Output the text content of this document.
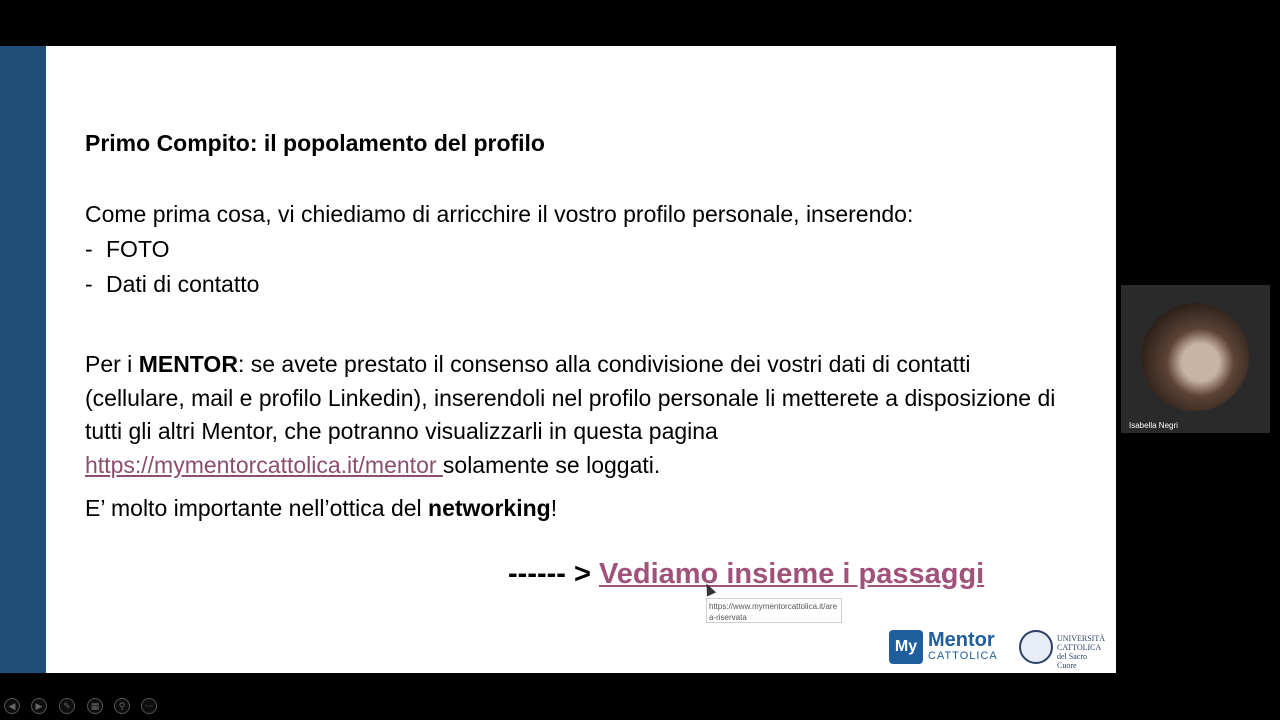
Primo Compito: il popolamento del profilo
Come prima cosa, vi chiediamo di arricchire il vostro profilo personale, inserendo:
- FOTO
- Dati di contatto
Per i MENTOR: se avete prestato il consenso alla condivisione dei vostri dati di contatti (cellulare, mail e profilo Linkedin), inserendoli nel profilo personale li metterete a disposizione di tutti gli altri Mentor, che potranno visualizzarli in questa pagina https://mymentorcattolica.it/mentor solamente se loggati.
E’ molto importante nell’ottica del networking!
------ > Vediamo insieme i passaggi
https://www.mymentorcattolica.it/area-riservata
My Mentor
CATTOLICA
UNIVERSITÀ
CATTOLICA
del Sacro Cuore
◀	▶	✎	▦	⚲	⋯
Isabella Negri
